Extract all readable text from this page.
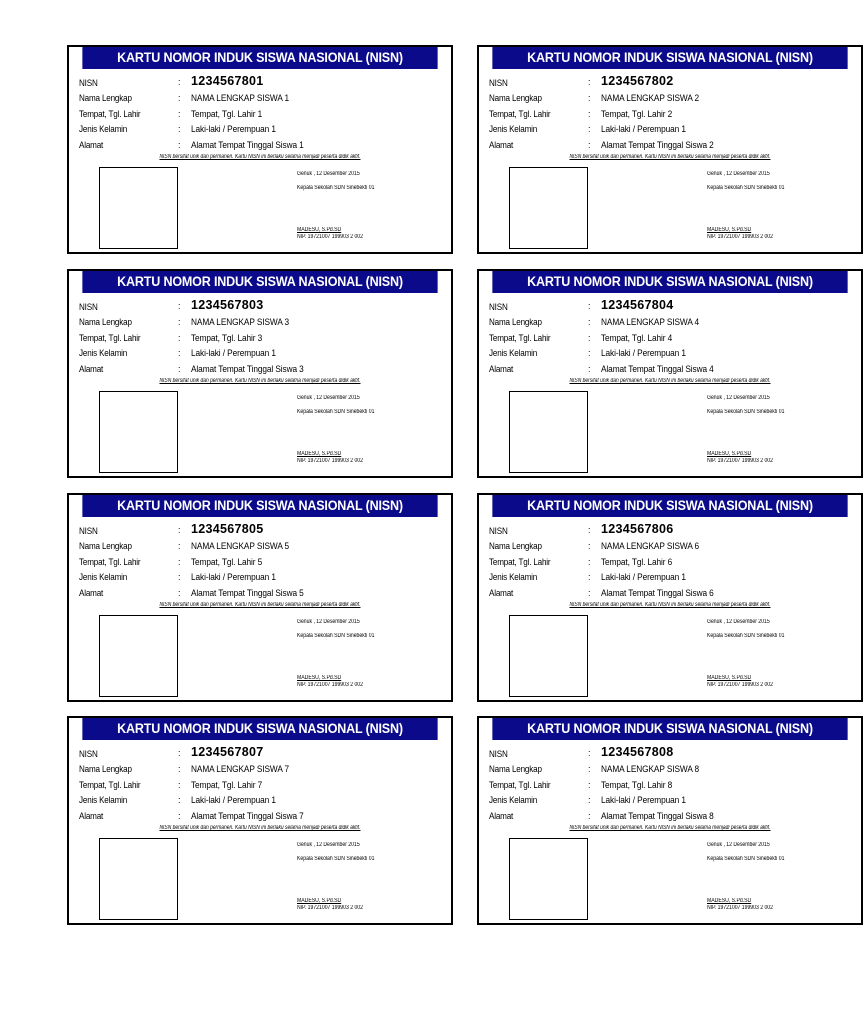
KARTU NOMOR INDUK SISWA NASIONAL (NISN)
NISN	: 1234567801
Nama Lengkap	: NAMA LENGKAP SISWA 1
Tempat, Tgl. Lahir	: Tempat, Tgl. Lahir 1
Jenis Kelamin	: Laki-laki / Perempuan 1
Alamat	: Alamat Tempat Tinggal Siswa 1
NISN bersifat unik dan permanen. Kartu NISN ini berlaku selama menjadi peserta didik aktif.
Genuk , 12 Desember 2015
Kepala Sekolah SDN Sinebekti 01
MADESU, S.Pd.SD
NIP. 19721007 199903 2 002
KARTU NOMOR INDUK SISWA NASIONAL (NISN)
NISN	: 1234567802
Nama Lengkap	: NAMA LENGKAP SISWA 2
Tempat, Tgl. Lahir	: Tempat, Tgl. Lahir 2
Jenis Kelamin	: Laki-laki / Perempuan 1
Alamat	: Alamat Tempat Tinggal Siswa 2
NISN bersifat unik dan permanen. Kartu NISN ini berlaku selama menjadi peserta didik aktif.
Genuk , 12 Desember 2015
Kepala Sekolah SDN Sinebekti 01
MADESU, S.Pd.SD
NIP. 19721007 199903 2 002
KARTU NOMOR INDUK SISWA NASIONAL (NISN)
NISN	: 1234567803
Nama Lengkap	: NAMA LENGKAP SISWA 3
Tempat, Tgl. Lahir	: Tempat, Tgl. Lahir 3
Jenis Kelamin	: Laki-laki / Perempuan 1
Alamat	: Alamat Tempat Tinggal Siswa 3
NISN bersifat unik dan permanen. Kartu NISN ini berlaku selama menjadi peserta didik aktif.
Genuk , 12 Desember 2015
Kepala Sekolah SDN Sinebekti 01
MADESU, S.Pd.SD
NIP. 19721007 199903 2 002
KARTU NOMOR INDUK SISWA NASIONAL (NISN)
NISN	: 1234567804
Nama Lengkap	: NAMA LENGKAP SISWA 4
Tempat, Tgl. Lahir	: Tempat, Tgl. Lahir 4
Jenis Kelamin	: Laki-laki / Perempuan 1
Alamat	: Alamat Tempat Tinggal Siswa 4
NISN bersifat unik dan permanen. Kartu NISN ini berlaku selama menjadi peserta didik aktif.
Genuk , 12 Desember 2015
Kepala Sekolah SDN Sinebekti 01
MADESU, S.Pd.SD
NIP. 19721007 199903 2 002
KARTU NOMOR INDUK SISWA NASIONAL (NISN)
NISN	: 1234567805
Nama Lengkap	: NAMA LENGKAP SISWA 5
Tempat, Tgl. Lahir	: Tempat, Tgl. Lahir 5
Jenis Kelamin	: Laki-laki / Perempuan 1
Alamat	: Alamat Tempat Tinggal Siswa 5
NISN bersifat unik dan permanen. Kartu NISN ini berlaku selama menjadi peserta didik aktif.
Genuk , 12 Desember 2015
Kepala Sekolah SDN Sinebekti 01
MADESU, S.Pd.SD
NIP. 19721007 199903 2 002
KARTU NOMOR INDUK SISWA NASIONAL (NISN)
NISN	: 1234567806
Nama Lengkap	: NAMA LENGKAP SISWA 6
Tempat, Tgl. Lahir	: Tempat, Tgl. Lahir 6
Jenis Kelamin	: Laki-laki / Perempuan 1
Alamat	: Alamat Tempat Tinggal Siswa 6
NISN bersifat unik dan permanen. Kartu NISN ini berlaku selama menjadi peserta didik aktif.
Genuk , 12 Desember 2015
Kepala Sekolah SDN Sinebekti 01
MADESU, S.Pd.SD
NIP. 19721007 199903 2 002
KARTU NOMOR INDUK SISWA NASIONAL (NISN)
NISN	: 1234567807
Nama Lengkap	: NAMA LENGKAP SISWA 7
Tempat, Tgl. Lahir	: Tempat, Tgl. Lahir 7
Jenis Kelamin	: Laki-laki / Perempuan 1
Alamat	: Alamat Tempat Tinggal Siswa 7
NISN bersifat unik dan permanen. Kartu NISN ini berlaku selama menjadi peserta didik aktif.
Genuk , 12 Desember 2015
Kepala Sekolah SDN Sinebekti 01
MADESU, S.Pd.SD
NIP. 19721007 199903 2 002
KARTU NOMOR INDUK SISWA NASIONAL (NISN)
NISN	: 1234567808
Nama Lengkap	: NAMA LENGKAP SISWA 8
Tempat, Tgl. Lahir	: Tempat, Tgl. Lahir 8
Jenis Kelamin	: Laki-laki / Perempuan 1
Alamat	: Alamat Tempat Tinggal Siswa 8
NISN bersifat unik dan permanen. Kartu NISN ini berlaku selama menjadi peserta didik aktif.
Genuk , 12 Desember 2015
Kepala Sekolah SDN Sinebekti 01
MADESU, S.Pd.SD
NIP. 19721007 199903 2 002
